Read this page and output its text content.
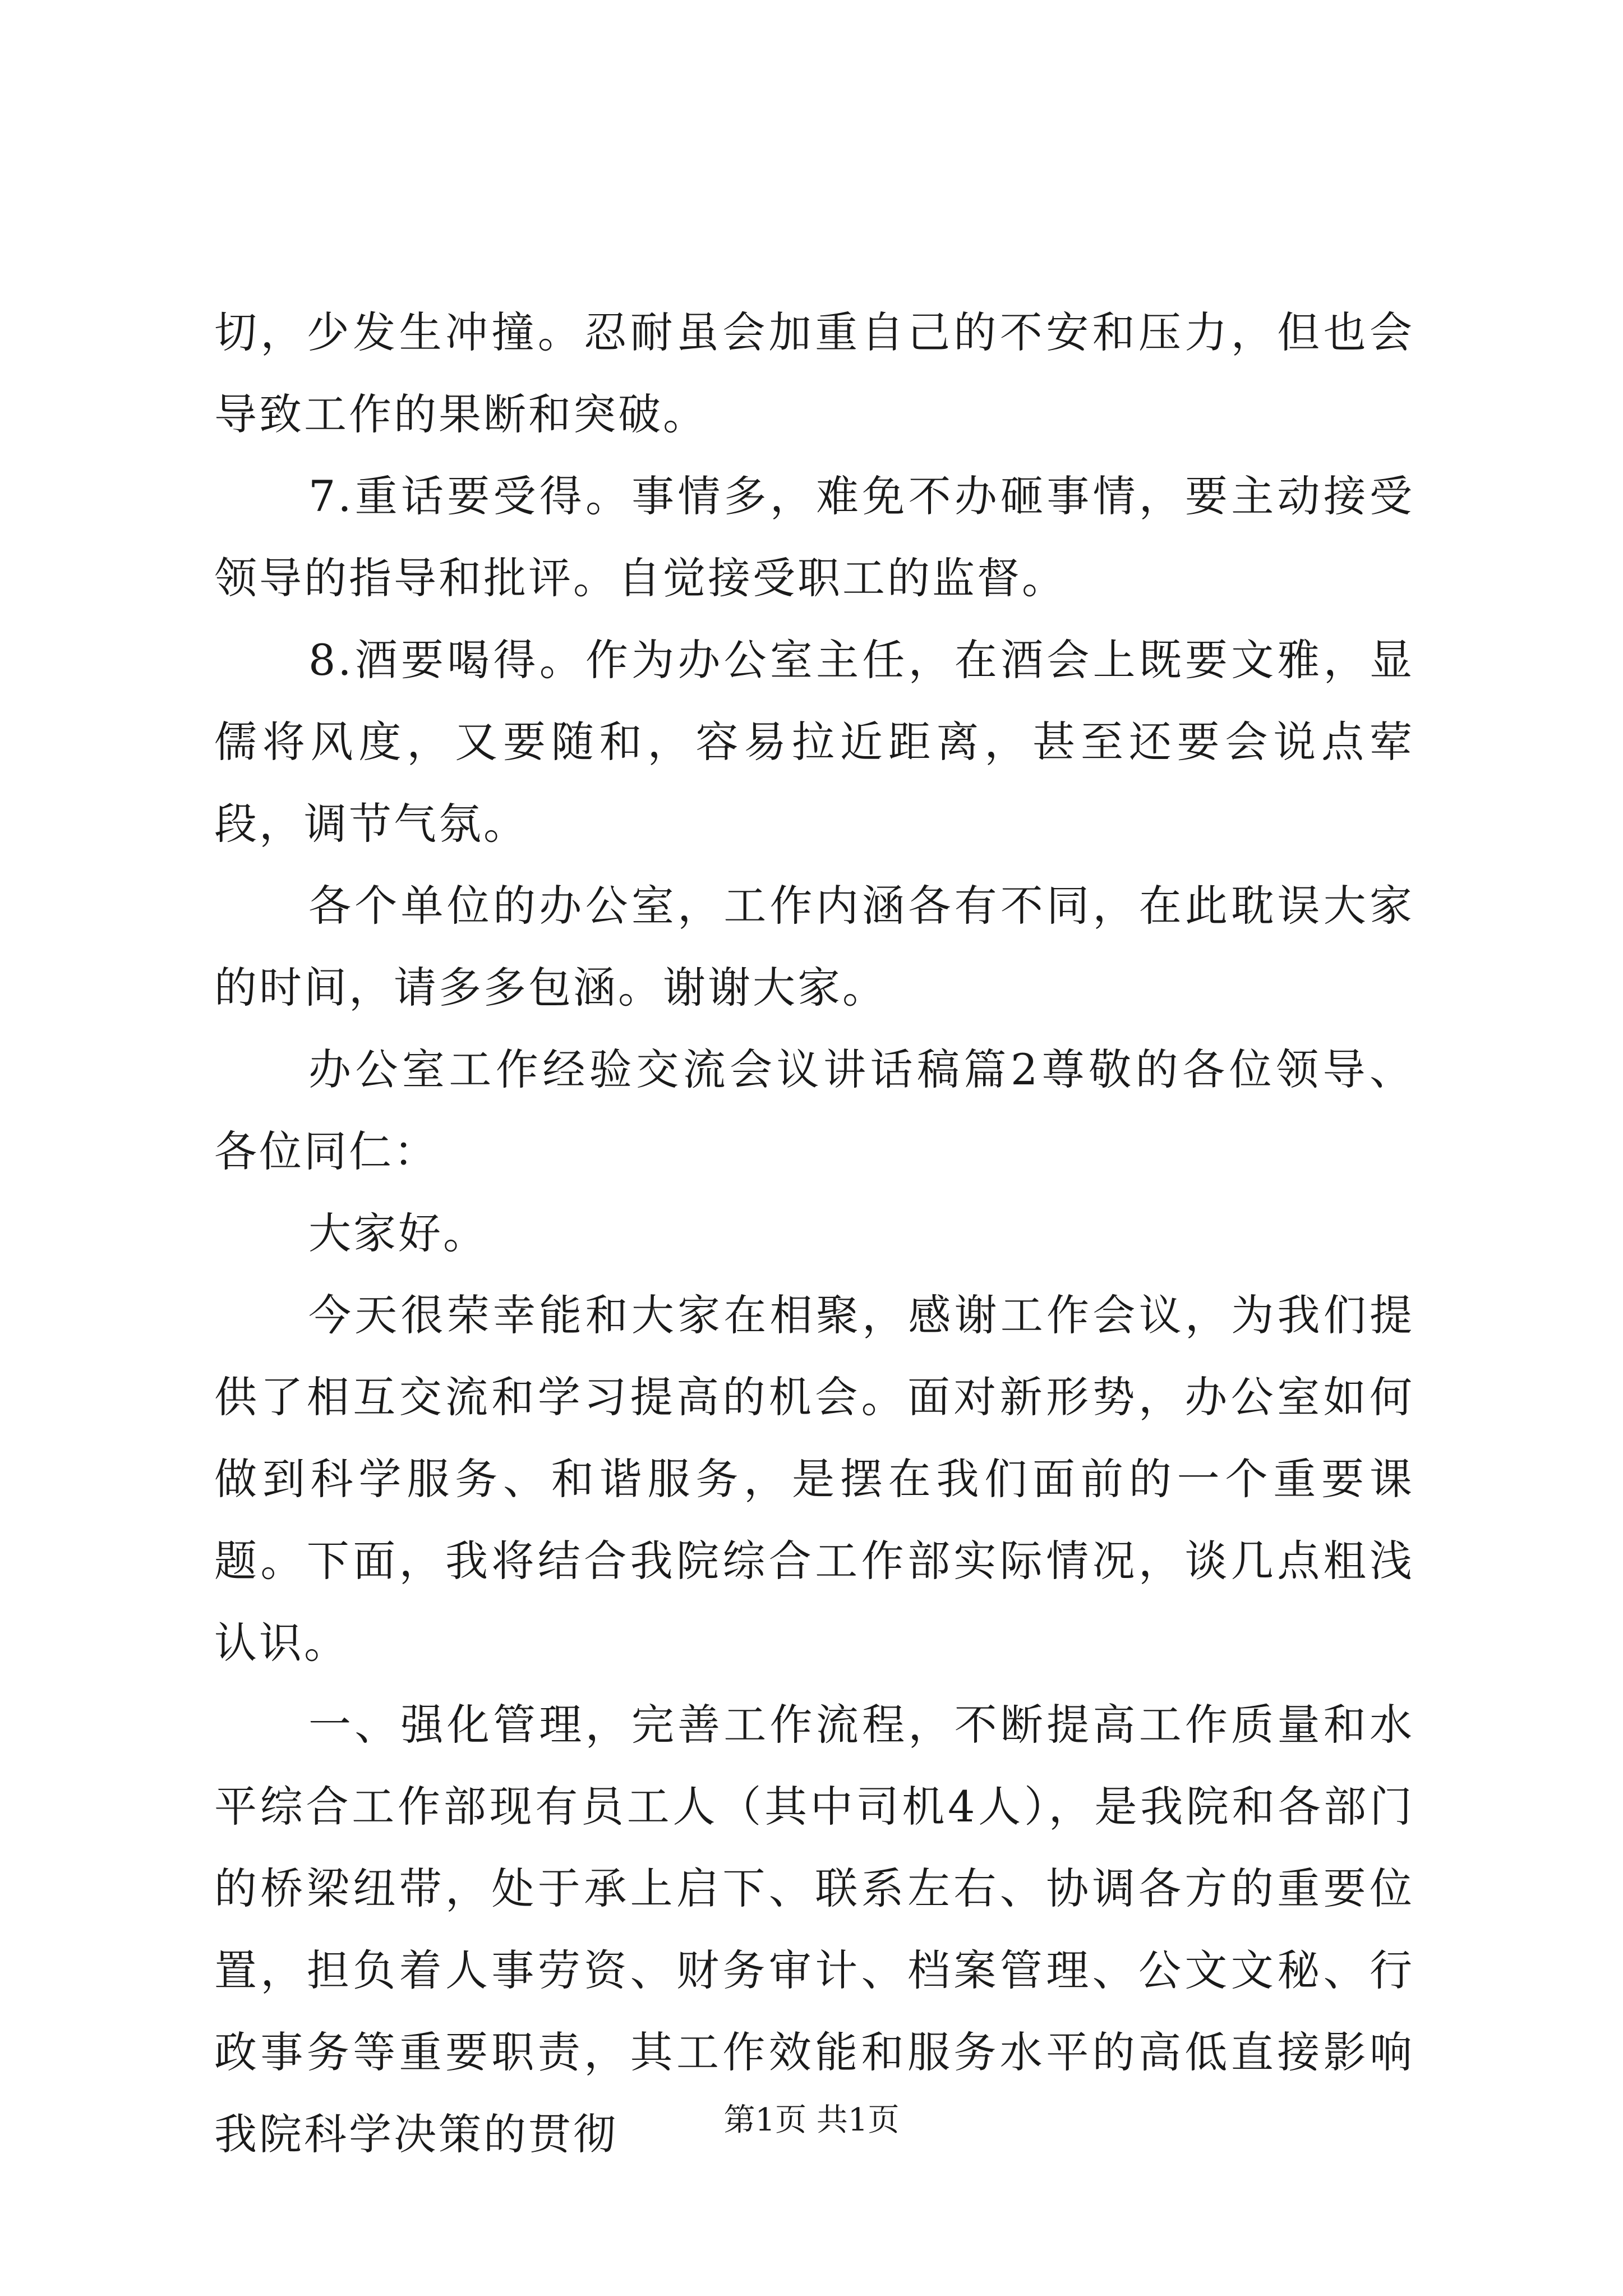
切，少发生冲撞。忍耐虽会加重自己的不安和压力，但也会导致工作的果断和突破。

7.重话要受得。事情多，难免不办砸事情，要主动接受领导的指导和批评。自觉接受职工的监督。

8.酒要喝得。作为办公室主任，在酒会上既要文雅，显儒将风度，又要随和，容易拉近距离，甚至还要会说点荤段，调节气氛。

各个单位的办公室，工作内涵各有不同，在此耽误大家的时间，请多多包涵。谢谢大家。

办公室工作经验交流会议讲话稿篇2尊敬的各位领导、各位同仁：

大家好。

今天很荣幸能和大家在相聚，感谢工作会议，为我们提供了相互交流和学习提高的机会。面对新形势，办公室如何做到科学服务、和谐服务，是摆在我们面前的一个重要课题。下面，我将结合我院综合工作部实际情况，谈几点粗浅认识。

一、强化管理，完善工作流程，不断提高工作质量和水平综合工作部现有员工人（其中司机4人），是我院和各部门的桥梁纽带，处于承上启下、联系左右、协调各方的重要位置，担负着人事劳资、财务审计、档案管理、公文文秘、行政事务等重要职责，其工作效能和服务水平的高低直接影响我院科学决策的贯彻	第1页 共1页
